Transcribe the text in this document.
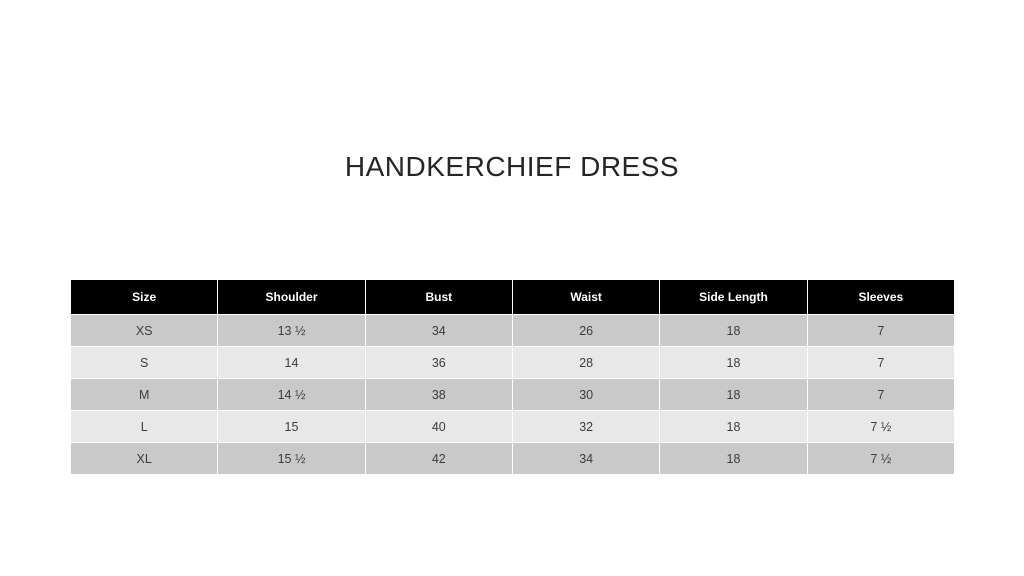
HANDKERCHIEF DRESS
Size	Shoulder	Bust	Waist	Side Length	Sleeves
XS	13 ½	34	26	18	7
S	14	36	28	18	7
M	14 ½	38	30	18	7
L	15	40	32	18	7 ½
XL	15 ½	42	34	18	7 ½
